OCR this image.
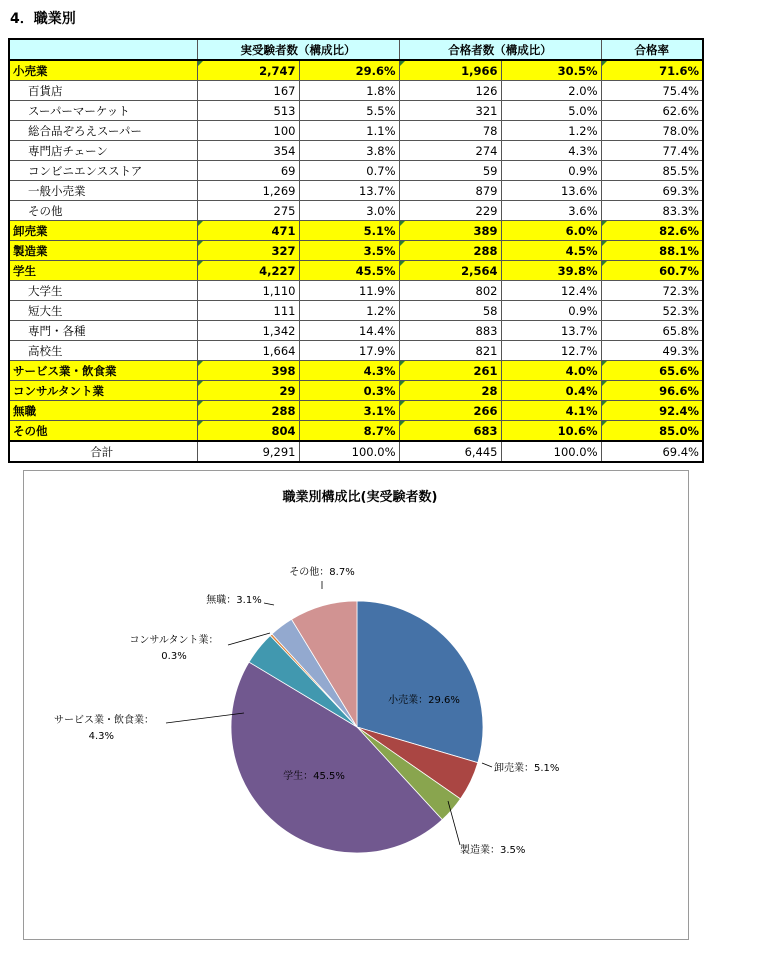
4．職業別
	実受験者数（構成比）		合格者数（構成比）		合格率
小売業	2,747	29.6%	1,966	30.5%	71.6%
百貨店	167	1.8%	126	2.0%	75.4%
スーパーマーケット	513	5.5%	321	5.0%	62.6%
総合品ぞろえスーパー	100	1.1%	78	1.2%	78.0%
専門店チェーン	354	3.8%	274	4.3%	77.4%
コンビニエンスストア	69	0.7%	59	0.9%	85.5%
一般小売業	1,269	13.7%	879	13.6%	69.3%
その他	275	3.0%	229	3.6%	83.3%
卸売業	471	5.1%	389	6.0%	82.6%
製造業	327	3.5%	288	4.5%	88.1%
学生	4,227	45.5%	2,564	39.8%	60.7%
大学生	1,110	11.9%	802	12.4%	72.3%
短大生	111	1.2%	58	0.9%	52.3%
専門・各種	1,342	14.4%	883	13.7%	65.8%
高校生	1,664	17.9%	821	12.7%	49.3%
サービス業・飲食業	398	4.3%	261	4.0%	65.6%
コンサルタント業	29	0.3%	28	0.4%	96.6%
無職	288	3.1%	266	4.1%	92.4%
その他	804	8.7%	683	10.6%	85.0%
合計	9,291	100.0%	6,445	100.0%	69.4%
職業別構成比(実受験者数)
小売業：29.6%
卸売業：5.1%
製造業：3.5%
学生：45.5%
サービス業・飲食業： 4.3%
コンサルタント業： 0.3%
無職：3.1%
その他：8.7%
